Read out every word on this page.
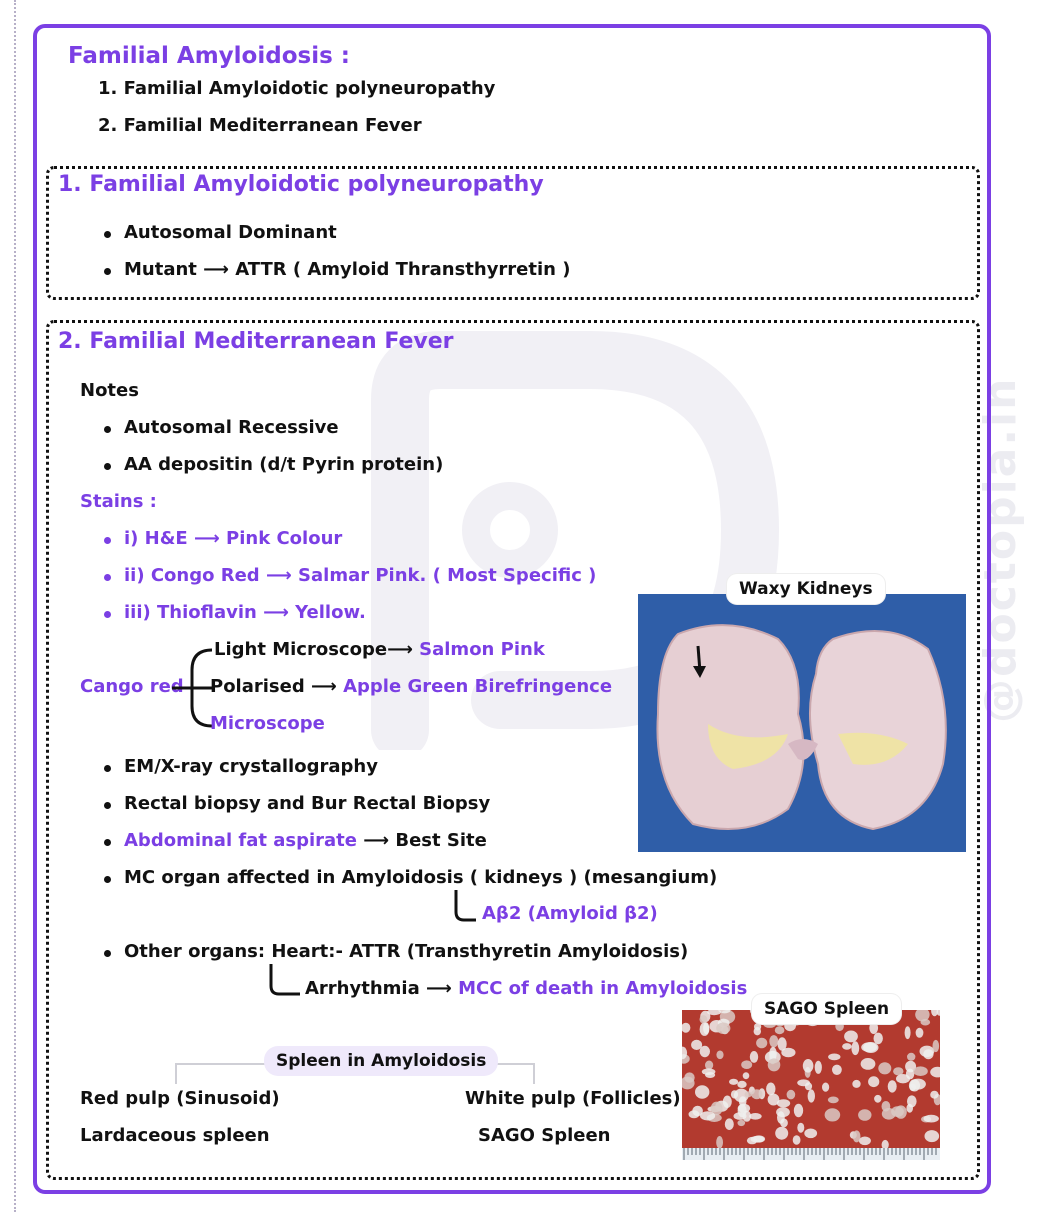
@doctopia.in
Familial Amyloidosis :
1. Familial Amyloidotic polyneuropathy
2. Familial Mediterranean Fever
1. Familial Amyloidotic polyneuropathy
Autosomal Dominant
Mutant ⟶ ATTR ( Amyloid Thransthyrretin )
2. Familial Mediterranean Fever
Notes
Autosomal Recessive
AA depositin (d/t Pyrin protein)
Stains :
i) H&E ⟶ Pink Colour
ii) Congo Red ⟶ Salmar Pink. ( Most Specific )
iii) Thioflavin ⟶ Yellow.
Cango red
Light Microscope⟶ Salmon Pink
Polarised ⟶ Apple Green Birefringence
Microscope
EM/X-ray crystallography
Rectal biopsy and Bur Rectal Biopsy
Abdominal fat aspirate ⟶ Best Site
MC organ affected in Amyloidosis ( kidneys ) (mesangium)
Aβ2 (Amyloid β2)
Other organs: Heart:- ATTR (Transthyretin Amyloidosis)
Arrhythmia ⟶ MCC of death in Amyloidosis
Spleen in Amyloidosis
Red pulp (Sinusoid)
Lardaceous spleen
White pulp (Follicles)
SAGO Spleen
Waxy Kidneys
SAGO Spleen
